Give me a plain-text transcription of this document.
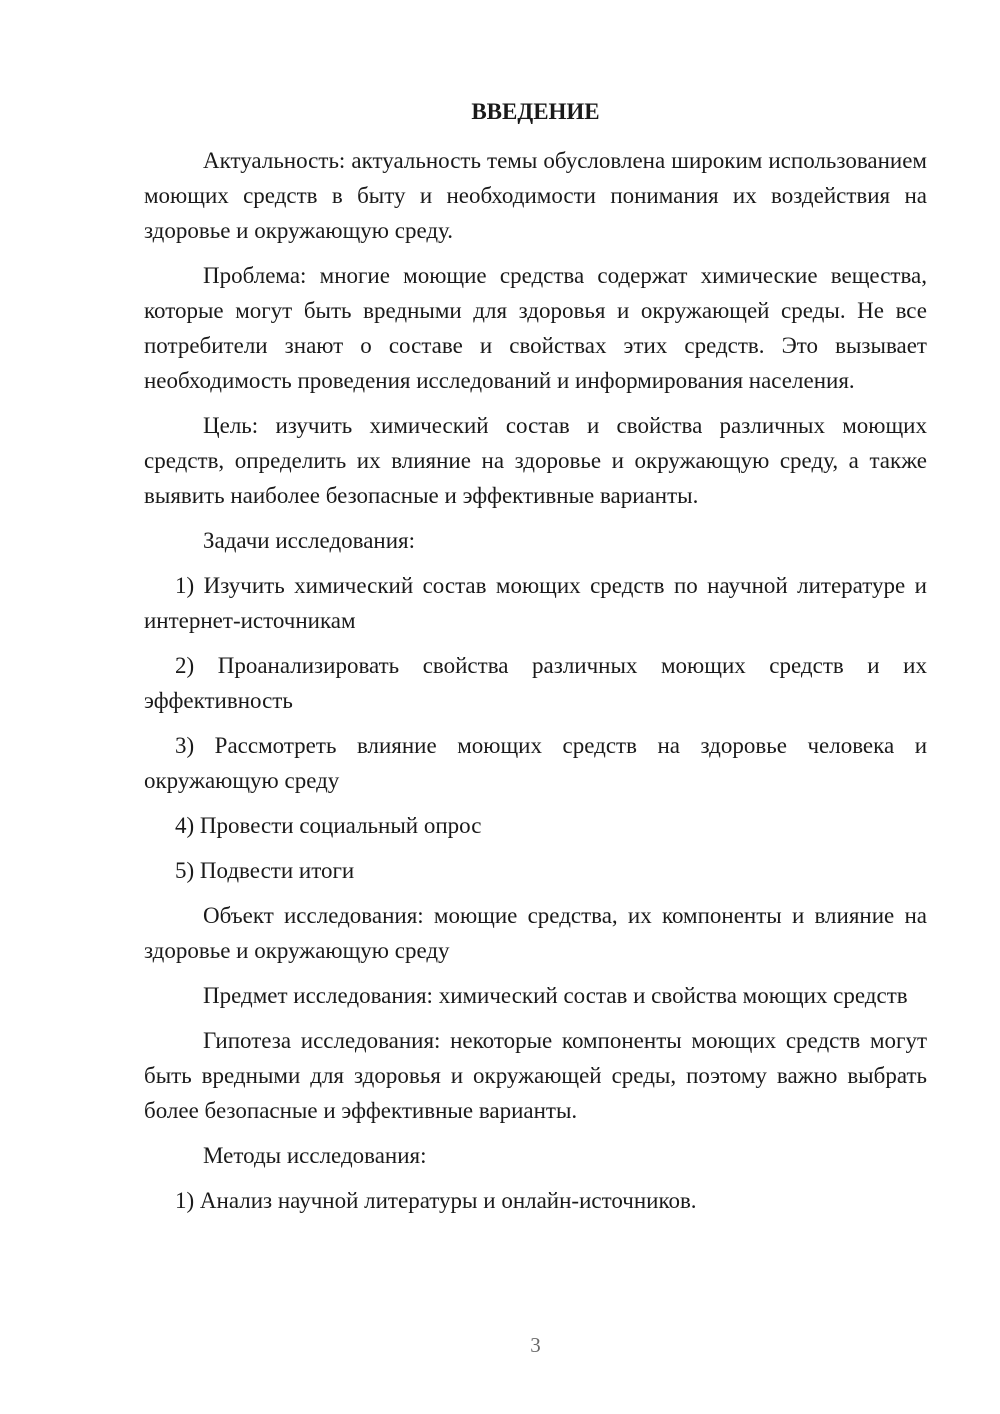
ВВЕДЕНИЕ

Актуальность: актуальность темы обусловлена широким использованием моющих средств в быту и необходимости понимания их воздействия на здоровье и окружающую среду.

Проблема: многие моющие средства содержат химические вещества, которые могут быть вредными для здоровья и окружающей среды. Не все потребители знают о составе и свойствах этих средств. Это вызывает необходимость проведения исследований и информирования населения.

Цель: изучить химический состав и свойства различных моющих средств, определить их влияние на здоровье и окружающую среду, а также выявить наиболее безопасные и эффективные варианты.

Задачи исследования:

1) Изучить химический состав моющих средств по научной литературе и интернет-источникам

2) Проанализировать свойства различных моющих средств и их эффективность

3) Рассмотреть влияние моющих средств на здоровье человека и окружающую среду

4) Провести социальный опрос

5) Подвести итоги

Объект исследования: моющие средства, их компоненты и влияние на здоровье и окружающую среду

Предмет исследования: химический состав и свойства моющих средств

Гипотеза исследования: некоторые компоненты моющих средств могут быть вредными для здоровья и окружающей среды, поэтому важно выбрать более безопасные и эффективные варианты.

Методы исследования:

1) Анализ научной литературы и онлайн-источников.

3
